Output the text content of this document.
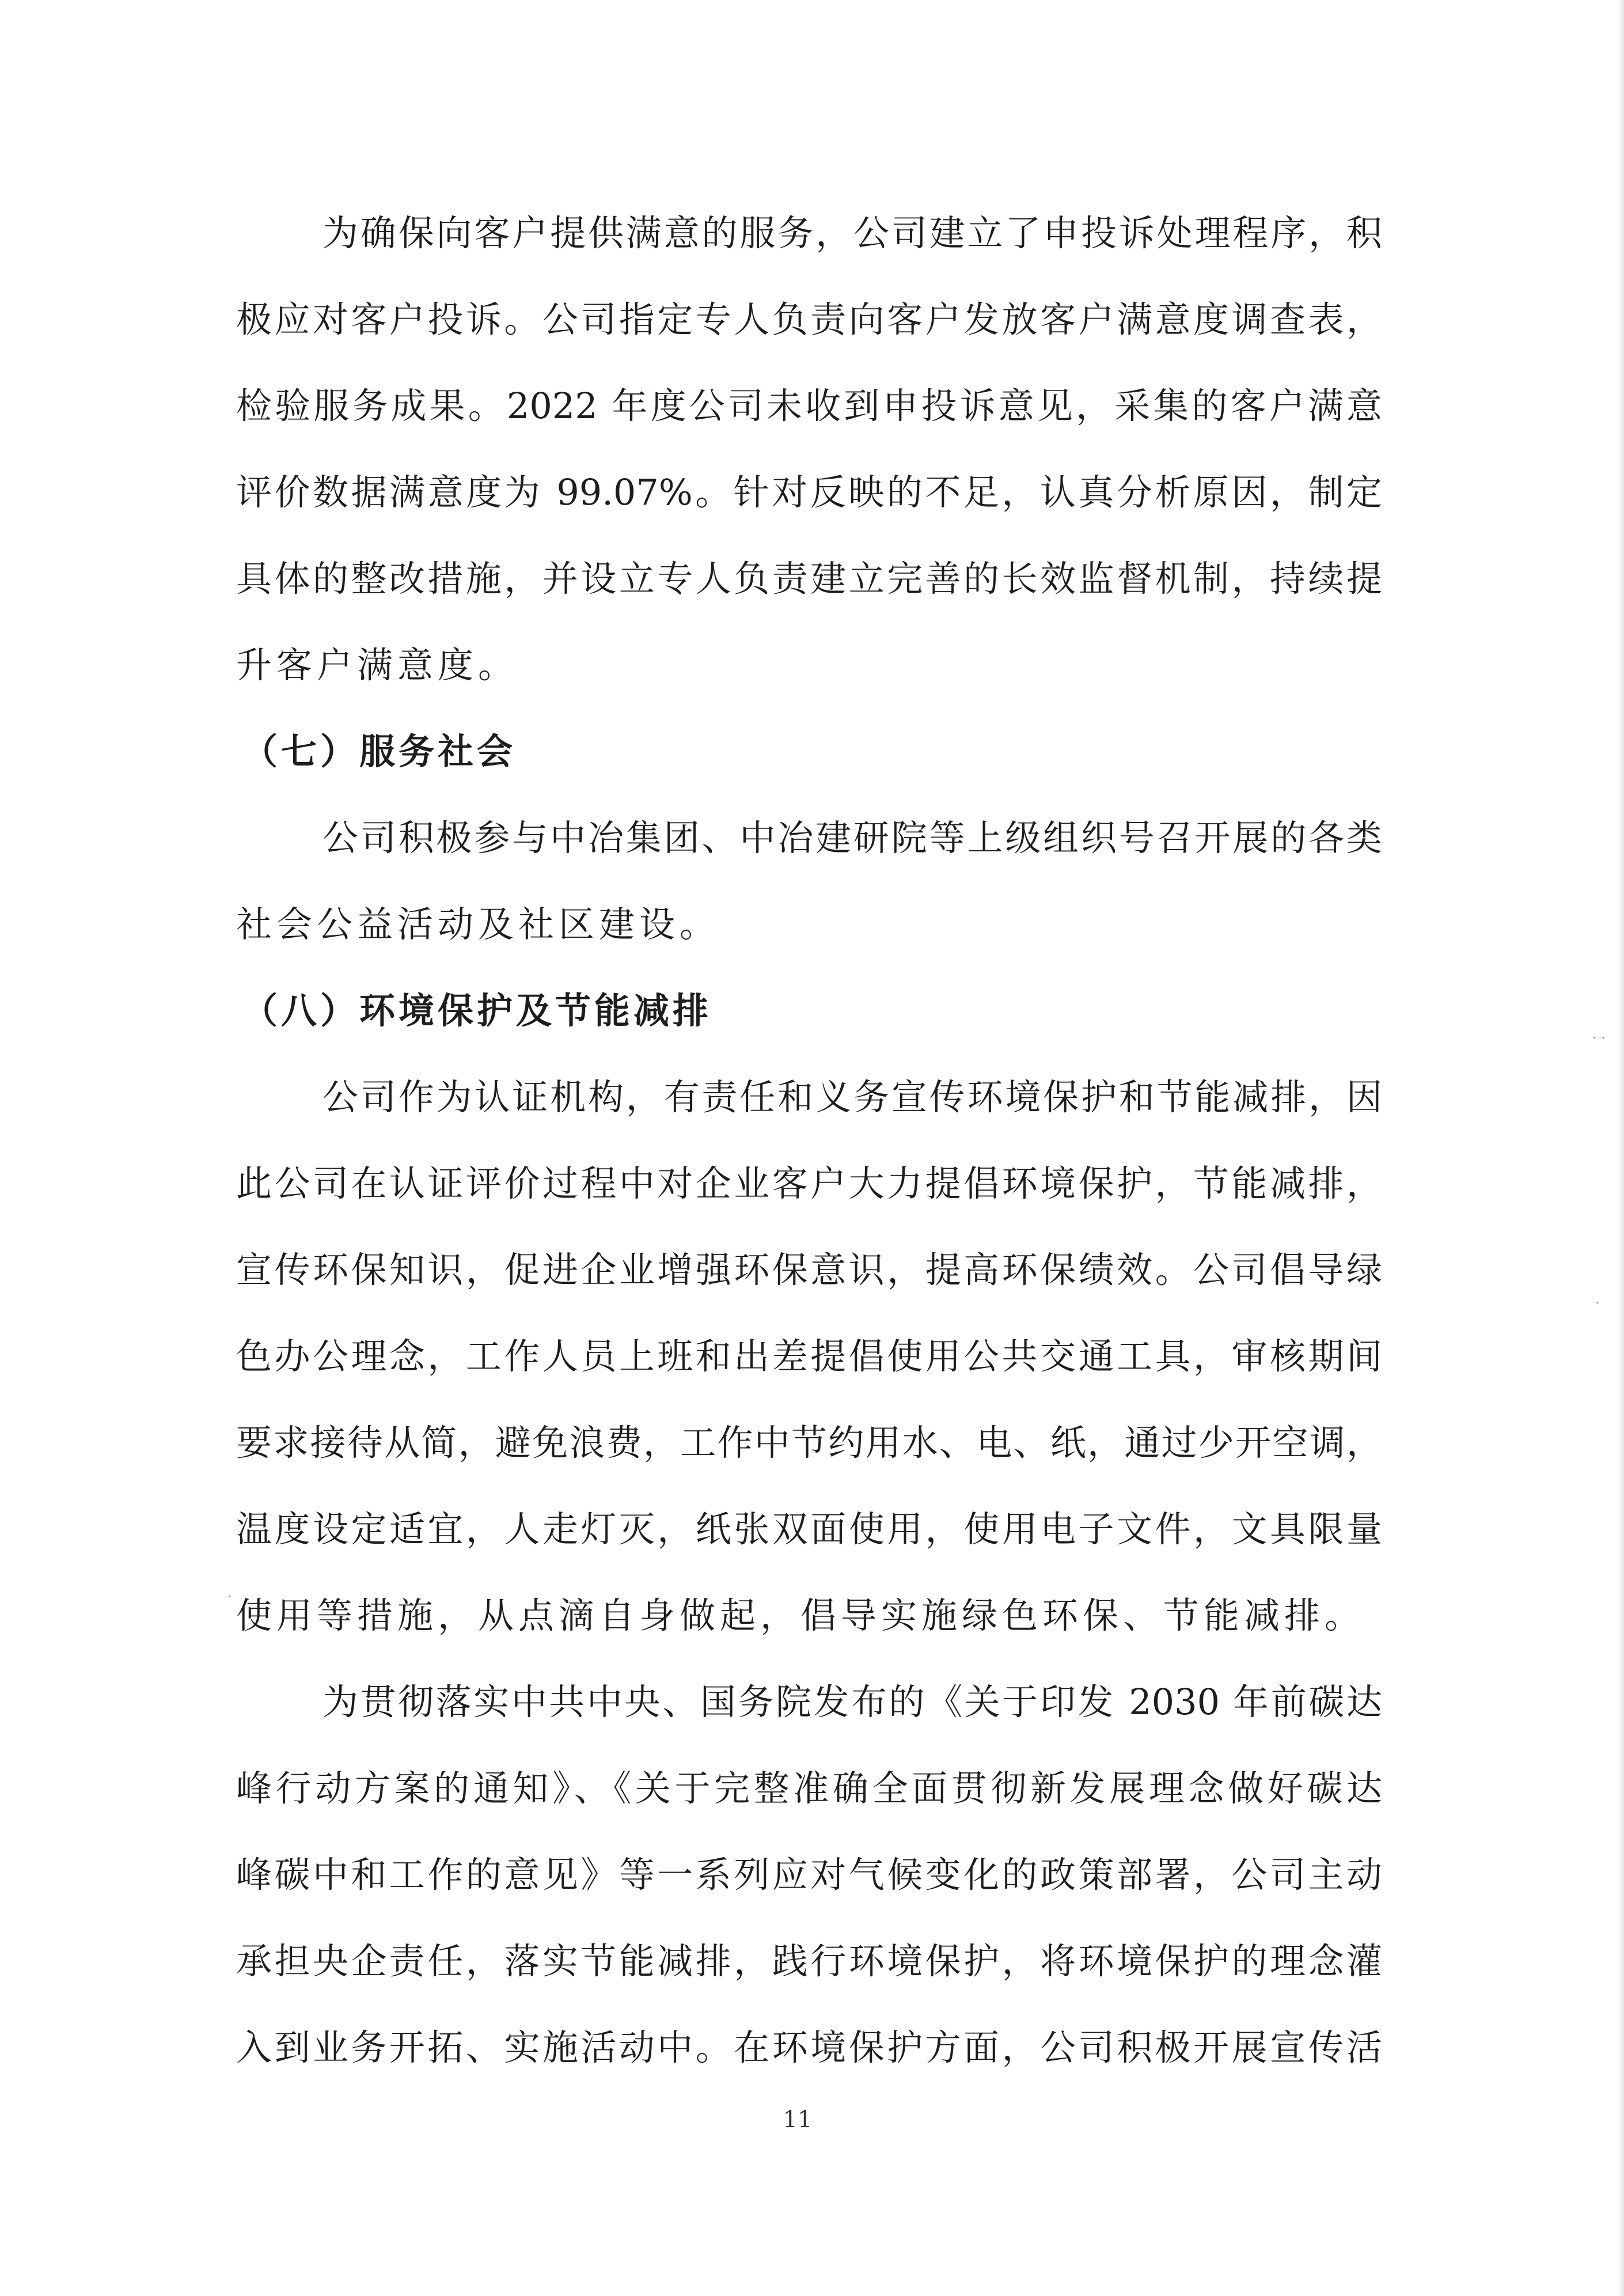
为确保向客户提供满意的服务，公司建立了申投诉处理程序，积
极应对客户投诉。公司指定专人负责向客户发放客户满意度调查表，
检验服务成果。2022 年度公司未收到申投诉意见，采集的客户满意
评价数据满意度为 99.07%。针对反映的不足，认真分析原因，制定
具体的整改措施，并设立专人负责建立完善的长效监督机制，持续提
升客户满意度。
（七）服务社会
公司积极参与中冶集团、中冶建研院等上级组织号召开展的各类
社会公益活动及社区建设。
（八）环境保护及节能减排
公司作为认证机构，有责任和义务宣传环境保护和节能减排，因
此公司在认证评价过程中对企业客户大力提倡环境保护，节能减排，
宣传环保知识，促进企业增强环保意识，提高环保绩效。公司倡导绿
色办公理念，工作人员上班和出差提倡使用公共交通工具，审核期间
要求接待从简，避免浪费，工作中节约用水、电、纸，通过少开空调，
温度设定适宜，人走灯灭，纸张双面使用，使用电子文件，文具限量
使用等措施，从点滴自身做起，倡导实施绿色环保、节能减排。
为贯彻落实中共中央、国务院发布的《关于印发 2030 年前碳达
峰行动方案的通知》、《关于完整准确全面贯彻新发展理念做好碳达
峰碳中和工作的意见》等一系列应对气候变化的政策部署，公司主动
承担央企责任，落实节能减排，践行环境保护，将环境保护的理念灌
入到业务开拓、实施活动中。在环境保护方面，公司积极开展宣传活
11
· ·
·
·
